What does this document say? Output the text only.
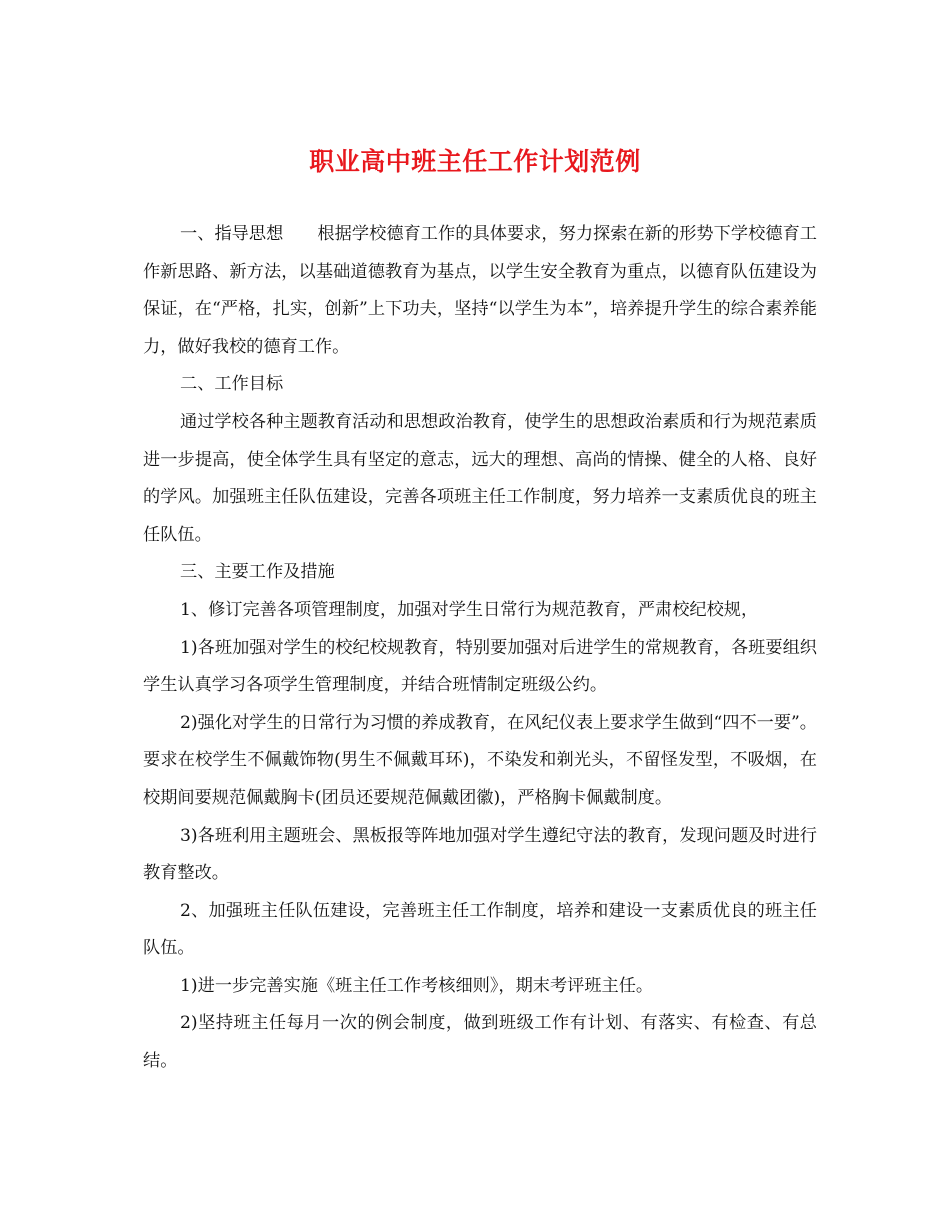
职业高中班主任工作计划范例

一、指导思想 根据学校德育工作的具体要求，努力探索在新的形势下学校德育工作新思路、新方法，以基础道德教育为基点，以学生安全教育为重点，以德育队伍建设为保证，在“严格，扎实，创新”上下功夫，坚持“以学生为本”，培养提升学生的综合素养能力，做好我校的德育工作。

二、工作目标

通过学校各种主题教育活动和思想政治教育，使学生的思想政治素质和行为规范素质进一步提高，使全体学生具有坚定的意志，远大的理想、高尚的情操、健全的人格、良好的学风。加强班主任队伍建设，完善各项班主任工作制度，努力培养一支素质优良的班主任队伍。

三、主要工作及措施

1、修订完善各项管理制度，加强对学生日常行为规范教育，严肃校纪校规，

1)各班加强对学生的校纪校规教育，特别要加强对后进学生的常规教育，各班要组织学生认真学习各项学生管理制度，并结合班情制定班级公约。

2)强化对学生的日常行为习惯的养成教育，在风纪仪表上要求学生做到“四不一要”。要求在校学生不佩戴饰物(男生不佩戴耳环)，不染发和剃光头，不留怪发型，不吸烟，在校期间要规范佩戴胸卡(团员还要规范佩戴团徽)，严格胸卡佩戴制度。

3)各班利用主题班会、黑板报等阵地加强对学生遵纪守法的教育，发现问题及时进行教育整改。

2、加强班主任队伍建设，完善班主任工作制度，培养和建设一支素质优良的班主任队伍。

1)进一步完善实施《班主任工作考核细则》，期末考评班主任。

2)坚持班主任每月一次的例会制度，做到班级工作有计划、有落实、有检查、有总结。
